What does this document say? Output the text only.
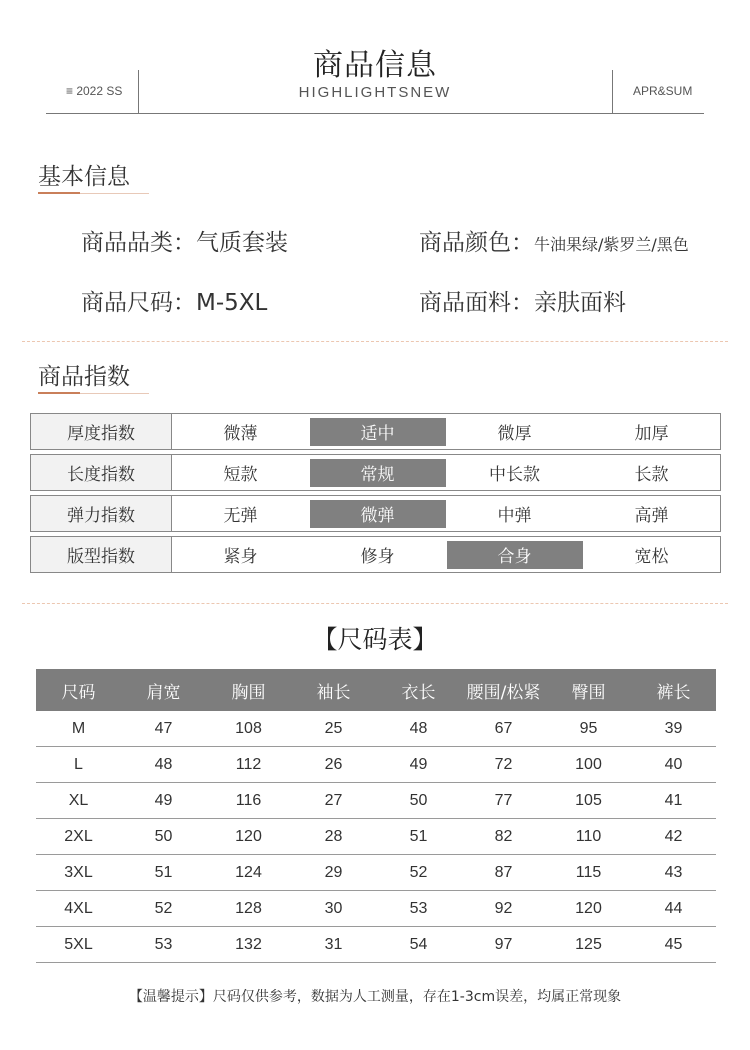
商品信息
≡ 2022 SS	HIGHLIGHTSNEW	APR&SUM
基本信息
商品品类：气质套装	商品颜色：牛油果绿/紫罗兰/黑色
商品尺码：M-5XL	商品面料：亲肤面料
商品指数
厚度指数	微薄	适中	微厚	加厚
长度指数	短款	常规	中长款	长款
弹力指数	无弹	微弹	中弹	高弹
版型指数	紧身	修身	合身	宽松
【尺码表】
尺码	肩宽	胸围	袖长	衣长	腰围/松紧	臀围	裤长
M	47	108	25	48	67	95	39
L	48	112	26	49	72	100	40
XL	49	116	27	50	77	105	41
2XL	50	120	28	51	82	110	42
3XL	51	124	29	52	87	115	43
4XL	52	128	30	53	92	120	44
5XL	53	132	31	54	97	125	45
【温馨提示】尺码仅供参考，数据为人工测量，存在1-3cm误差，均属正常现象
